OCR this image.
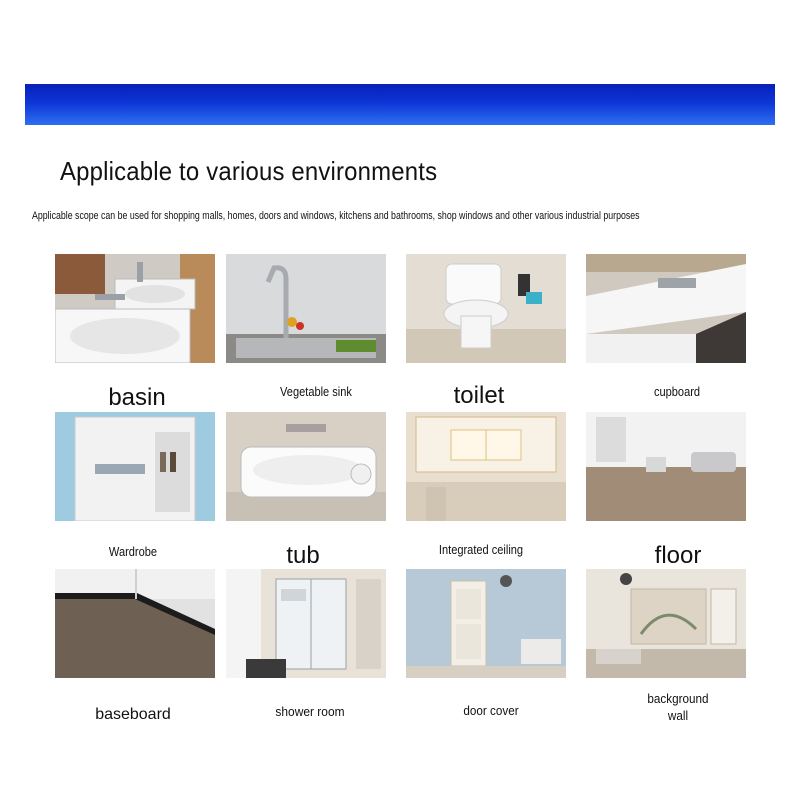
Applicable to various environments
Applicable scope can be used for shopping malls, homes, doors and windows, kitchens and bathrooms, shop windows and other various industrial purposes
basin	Vegetable sink	toilet	cupboard
Wardrobe	tub	Integrated ceiling	floor
baseboard	shower room	door cover
background
wall
